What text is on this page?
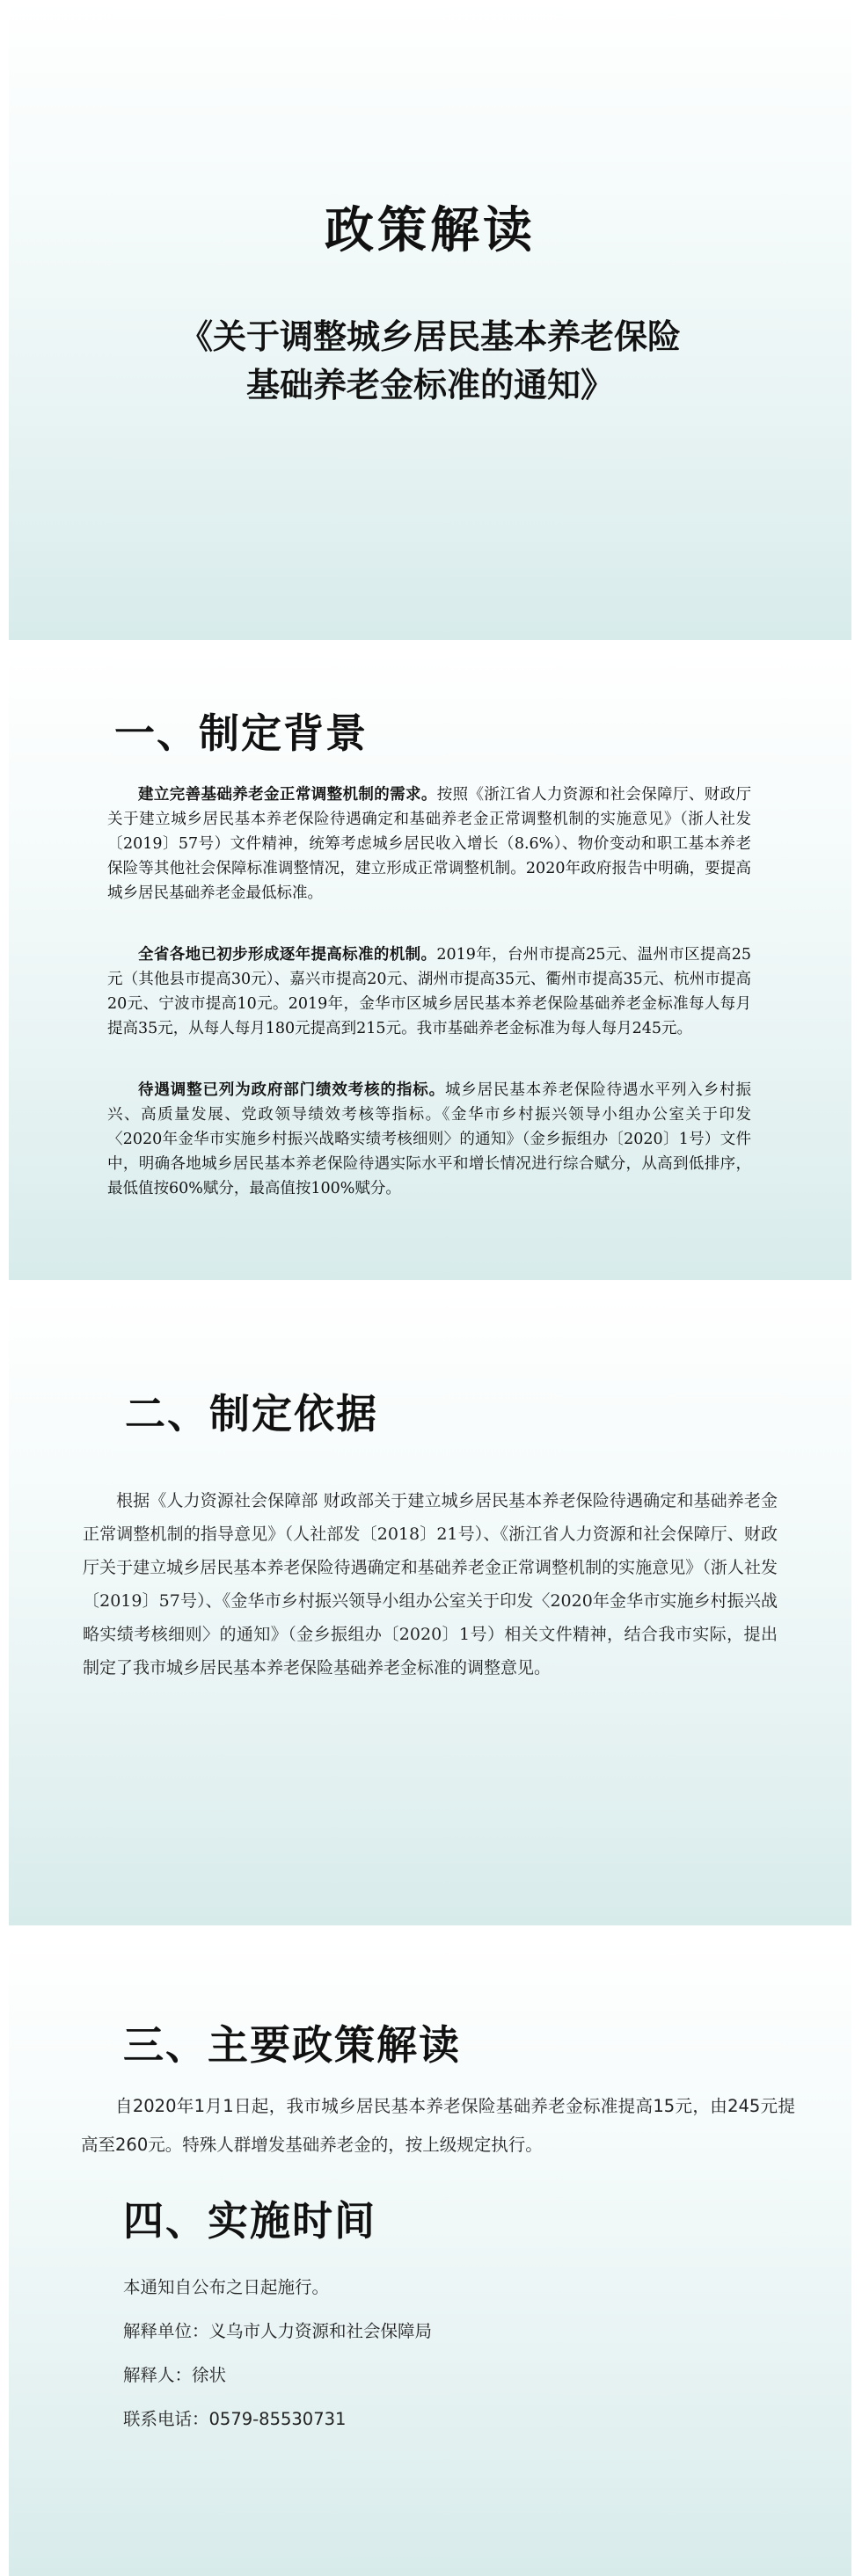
政策解读
《关于调整城乡居民基本养老保险
基础养老金标准的通知》
一、制定背景

建立完善基础养老金正常调整机制的需求。按照《浙江省人力资源和社会保障厅、财政厅关于建立城乡居民基本养老保险待遇确定和基础养老金正常调整机制的实施意见》（浙人社发〔2019〕57号）文件精神，统筹考虑城乡居民收入增长（8.6%）、物价变动和职工基本养老保险等其他社会保障标准调整情况，建立形成正常调整机制。2020年政府报告中明确，要提高城乡居民基础养老金最低标准。

全省各地已初步形成逐年提高标准的机制。2019年，台州市提高25元、温州市区提高25元（其他县市提高30元）、嘉兴市提高20元、湖州市提高35元、衢州市提高35元、杭州市提高20元、宁波市提高10元。2019年，金华市区城乡居民基本养老保险基础养老金标准每人每月提高35元，从每人每月180元提高到215元。我市基础养老金标准为每人每月245元。

待遇调整已列为政府部门绩效考核的指标。城乡居民基本养老保险待遇水平列入乡村振兴、高质量发展、党政领导绩效考核等指标。《金华市乡村振兴领导小组办公室关于印发〈2020年金华市实施乡村振兴战略实绩考核细则〉的通知》（金乡振组办〔2020〕1号）文件中，明确各地城乡居民基本养老保险待遇实际水平和增长情况进行综合赋分，从高到低排序，最低值按60%赋分，最高值按100%赋分。

二、制定依据

根据《人力资源社会保障部 财政部关于建立城乡居民基本养老保险待遇确定和基础养老金正常调整机制的指导意见》（人社部发〔2018〕21号）、《浙江省人力资源和社会保障厅、财政厅关于建立城乡居民基本养老保险待遇确定和基础养老金正常调整机制的实施意见》（浙人社发〔2019〕57号）、《金华市乡村振兴领导小组办公室关于印发〈2020年金华市实施乡村振兴战略实绩考核细则〉的通知》（金乡振组办〔2020〕1号）相关文件精神，结合我市实际，提出制定了我市城乡居民基本养老保险基础养老金标准的调整意见。

三、主要政策解读

自2020年1月1日起，我市城乡居民基本养老保险基础养老金标准提高15元，由245元提高至260元。特殊人群增发基础养老金的，按上级规定执行。

四、实施时间

本通知自公布之日起施行。

解释单位：义乌市人力资源和社会保障局

解释人：徐状

联系电话：0579-85530731
